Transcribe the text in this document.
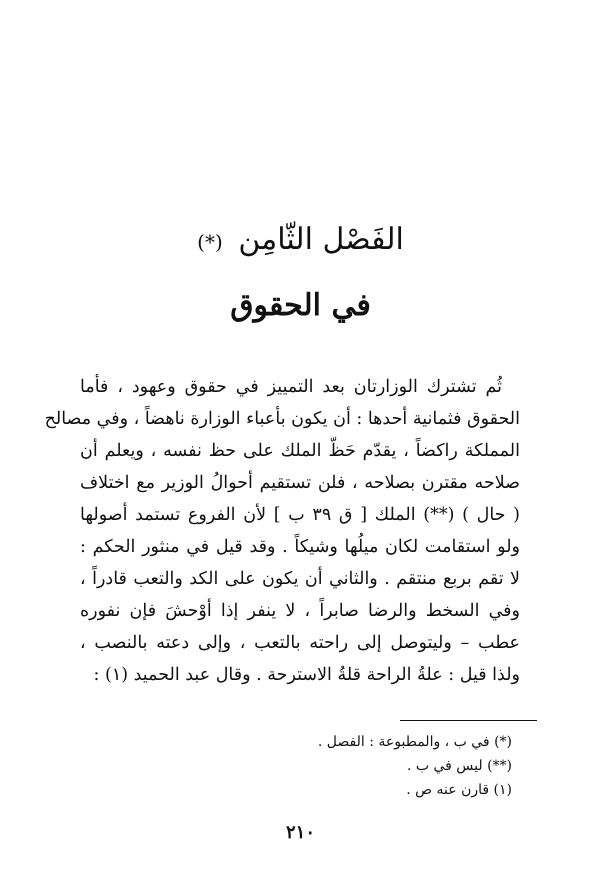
الفَصْل الثّامِن (*)
في الحقوق
ثُم تشترك الوزارتان بعد التمييز في حقوق وعهود ، فأما
الحقوق فثمانية أحدها : أن يكون بأعباء الوزارة ناهضاً ، وفي مصالح
المملكة راكضاً ، يقدّم حَظّ الملك على حظ نفسه ، ويعلم أن
صلاحه مقترن بصلاحه ، فلن تستقيم أحوالُ الوزير مع اختلاف
( حال ) (**) الملك [ ق ٣٩ ب ] لأن الفروع تستمد أصولها
ولو استقامت لكان ميلُها وشيكاً . وقد قيل في منثور الحكم :
لا تقم بربع منتقم . والثاني أن يكون على الكد والتعب قادراً ،
وفي السخط والرضا صابراً ، لا ينفر إذا أوْحشَ فإن نفوره
عطب – وليتوصل إلى راحته بالتعب ، وإلى دعته بالنصب ،
ولذا قيل : علةُ الراحة قلةُ الاسترحة . وقال عبد الحميد (١) :
(*) في ب ، والمطبوعة : الفصل .
(**) ليس في ب .
(١) قارن عنه ص .
٢١٠
